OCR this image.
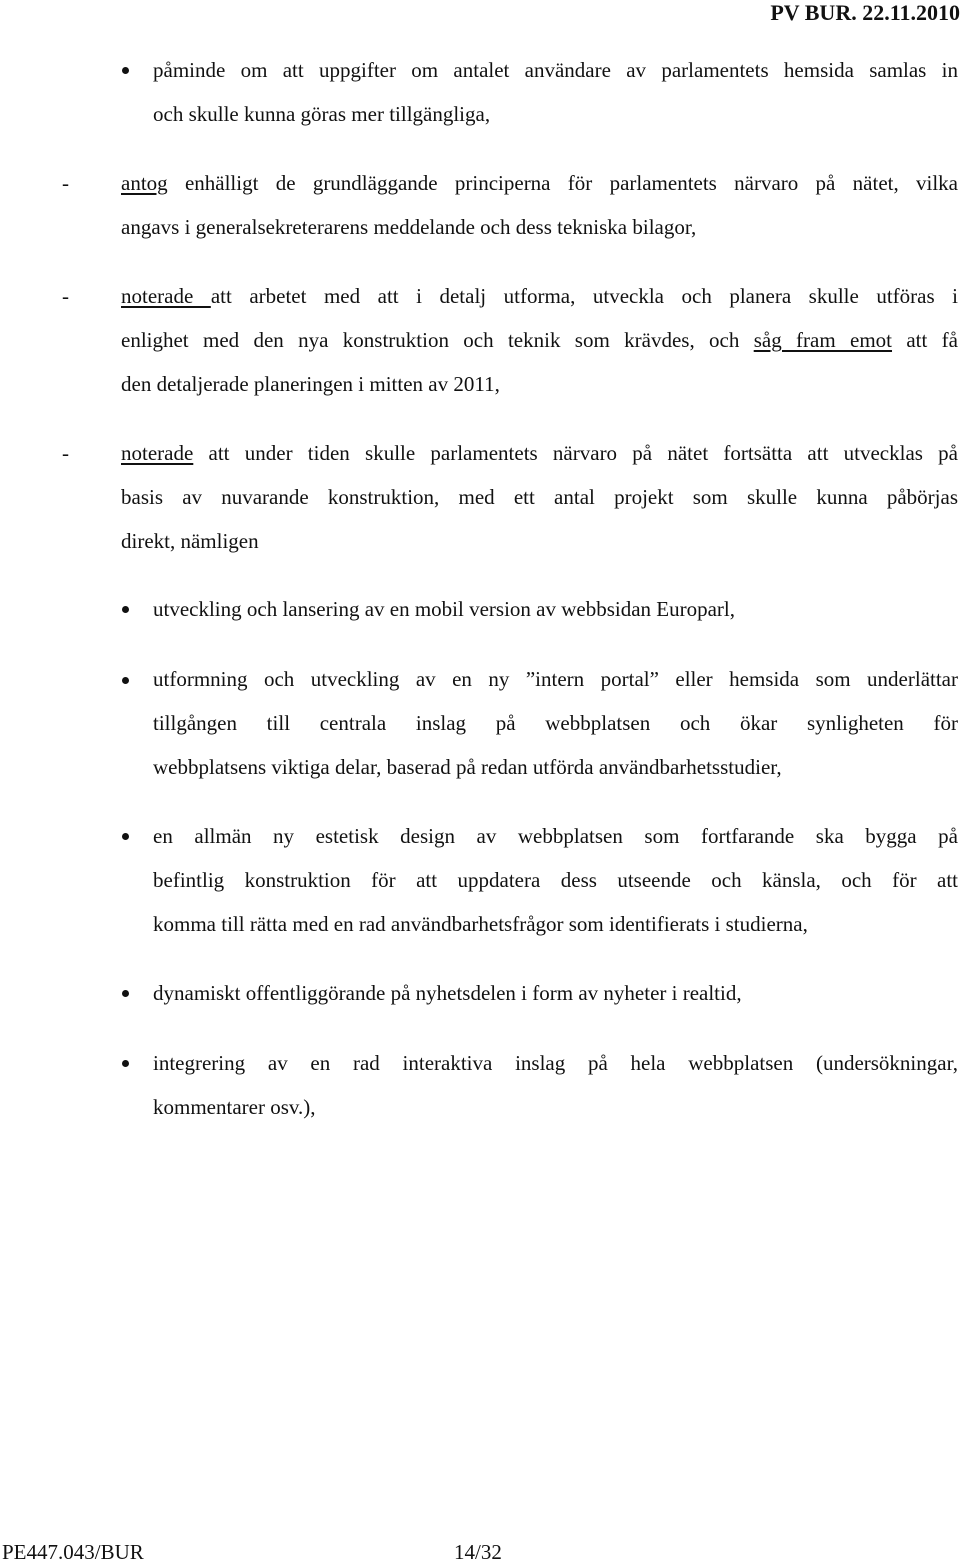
PV BUR. 22.11.2010
påminde om att uppgifter om antalet användare av parlamentets hemsida samlas in
och skulle kunna göras mer tillgängliga,
- antog enhälligt de grundläggande principerna för parlamentets närvaro på nätet, vilka
angavs i generalsekreterarens meddelande och dess tekniska bilagor,
- noterade att arbetet med att i detalj utforma, utveckla och planera skulle utföras i
enlighet med den nya konstruktion och teknik som krävdes, och såg fram emot att få
den detaljerade planeringen i mitten av 2011,
- noterade att under tiden skulle parlamentets närvaro på nätet fortsätta att utvecklas på
basis av nuvarande konstruktion, med ett antal projekt som skulle kunna påbörjas
direkt, nämligen
utveckling och lansering av en mobil version av webbsidan Europarl,
utformning och utveckling av en ny ”intern portal” eller hemsida som underlättar
tillgången till centrala inslag på webbplatsen och ökar synligheten för
webbplatsens viktiga delar, baserad på redan utförda användbarhetsstudier,
en allmän ny estetisk design av webbplatsen som fortfarande ska bygga på
befintlig konstruktion för att uppdatera dess utseende och känsla, och för att
komma till rätta med en rad användbarhetsfrågor som identifierats i studierna,
dynamiskt offentliggörande på nyhetsdelen i form av nyheter i realtid,
integrering av en rad interaktiva inslag på hela webbplatsen (undersökningar,
kommentarer osv.),
PE447.043/BUR	14/32
